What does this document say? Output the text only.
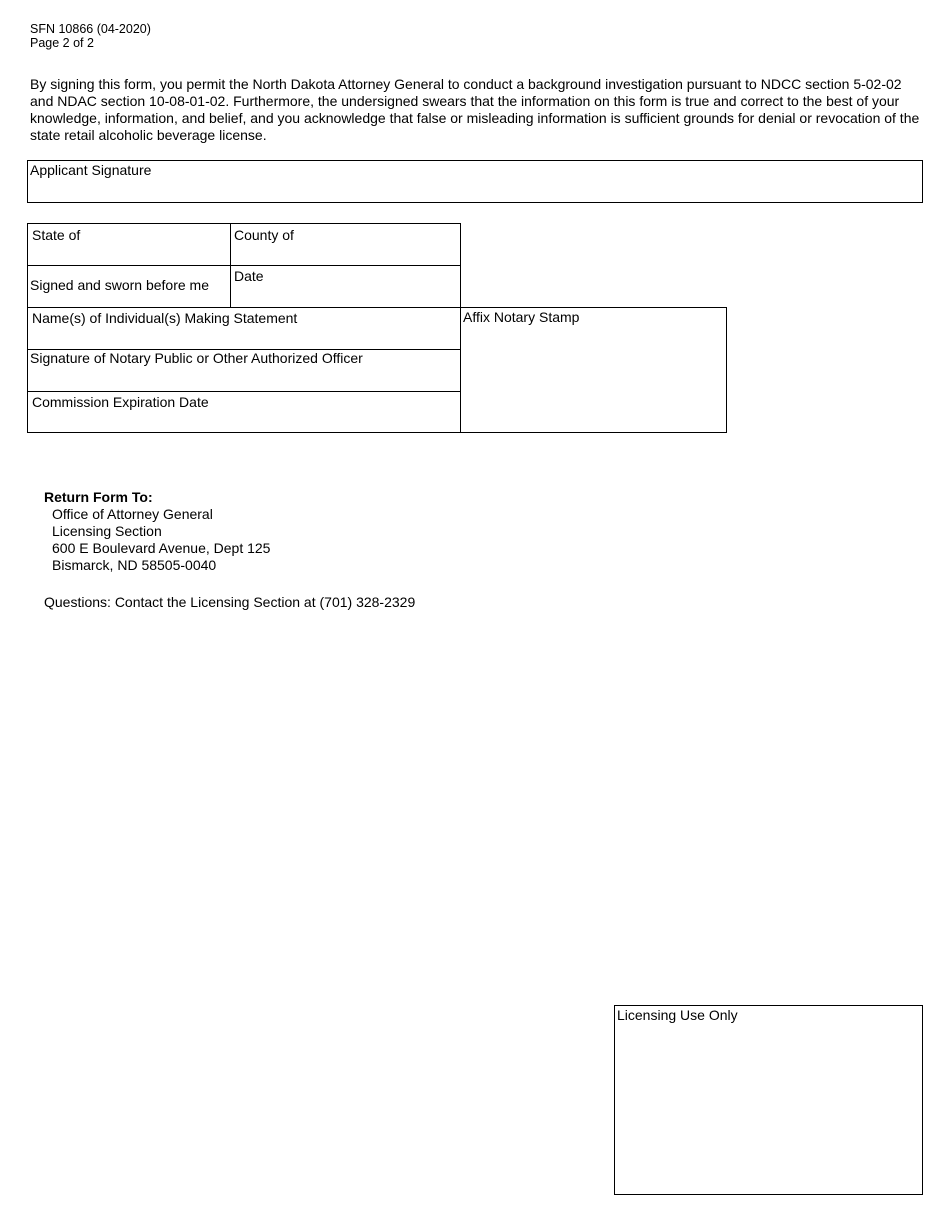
SFN 10866 (04-2020)
Page 2 of 2
By signing this form, you permit the North Dakota Attorney General to conduct a background investigation pursuant to NDCC section 5-02-02 and NDAC section 10-08-01-02. Furthermore, the undersigned swears that the information on this form is true and correct to the best of your knowledge, information, and belief, and you acknowledge that false or misleading information is sufficient grounds for denial or revocation of the state retail alcoholic beverage license.
Applicant Signature
State of	County of
Signed and sworn before me
Date
Name(s) of Individual(s) Making Statement
Signature of Notary Public or Other Authorized Officer
Commission Expiration Date
Affix Notary Stamp
Return Form To:
Office of Attorney General
Licensing Section
600 E Boulevard Avenue, Dept 125
Bismarck, ND 58505-0040
Questions: Contact the Licensing Section at (701) 328-2329
Licensing Use Only
